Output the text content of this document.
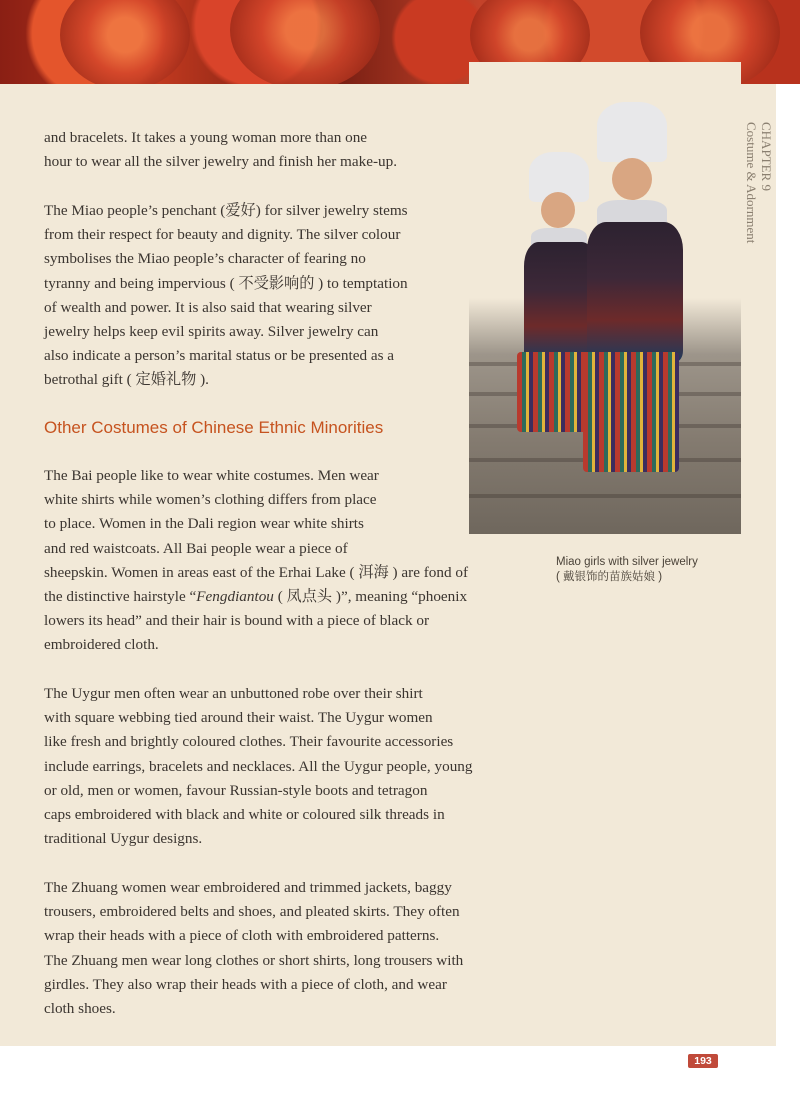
CHAPTER 9
Costume & Adornment
and bracelets. It takes a young woman more than one
hour to wear all the silver jewelry and finish her make-up.
The Miao people’s penchant (爱好) for silver jewelry stems
from their respect for beauty and dignity. The silver colour
symbolises the Miao people’s character of fearing no
tyranny and being impervious ( 不受影响的 ) to temptation
of wealth and power. It is also said that wearing silver
jewelry helps keep evil spirits away. Silver jewelry can
also indicate a person’s marital status or be presented as a
betrothal gift ( 定婚礼物 ).
Other Costumes of Chinese Ethnic Minorities
The Bai people like to wear white costumes. Men wear
white shirts while women’s clothing differs from place
to place. Women in the Dali region wear white shirts
and red waistcoats. All Bai people wear a piece of
sheepskin. Women in areas east of the Erhai Lake ( 洱海 ) are fond of
the distinctive hairstyle “Fengdiantou ( 凤点头 )”, meaning “phoenix
lowers its head” and their hair is bound with a piece of black or
embroidered cloth.
The Uygur men often wear an unbuttoned robe over their shirt
with square webbing tied around their waist. The Uygur women
like fresh and brightly coloured clothes. Their favourite accessories
include earrings, bracelets and necklaces. All the Uygur people, young
or old, men or women, favour Russian-style boots and tetragon
caps embroidered with black and white or coloured silk threads in
traditional Uygur designs.
The Zhuang women wear embroidered and trimmed jackets, baggy
trousers, embroidered belts and shoes, and pleated skirts. They often
wrap their heads with a piece of cloth with embroidered patterns.
The Zhuang men wear long clothes or short shirts, long trousers with
girdles. They also wrap their heads with a piece of cloth, and wear
cloth shoes.
Miao girls with silver jewelry
( 戴银饰的苗族姑娘 )
193
